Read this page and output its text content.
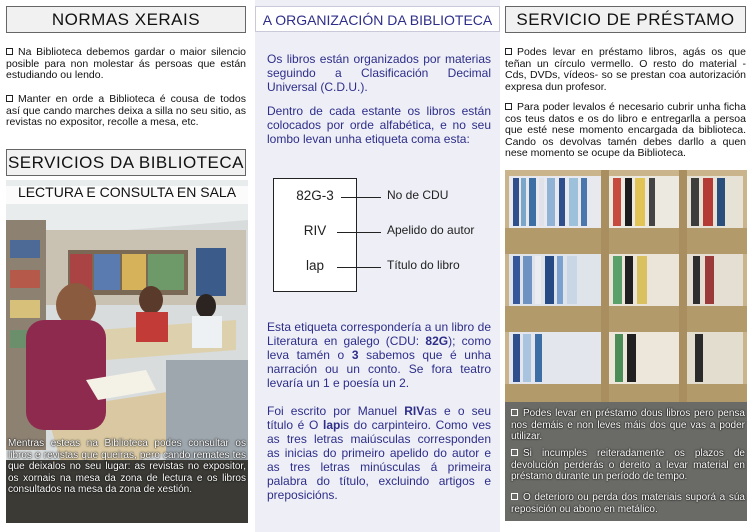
NORMAS XERAIS
Na Biblioteca debemos gardar o maior silencio posible para non molestar ás persoas que están estudiando ou lendo.
Manter en orde a Biblioteca é cousa de todos así que cando marches deixa a silla no seu sitio, as revistas no expositor, recolle a mesa, etc.
SERVICIOS DA BIBLIOTECA
LECTURA E CONSULTA EN SALA
Mentras esteas na Biblioteca podes consultar os libros e revistas que queiras, pero cando remates tes que deixalos no seu lugar: as revistas no expositor, os xornais na mesa da zona de lectura e os libros consultados na mesa da zona de xestión.
A ORGANIZACIÓN DA BIBLIOTECA
Os libros están organizados por materias seguindo a Clasificación Decimal Universal (C.D.U.).
Dentro de cada estante os libros están colocados por orde alfabética, e no seu lombo levan unha etiqueta coma esta:
82G-3
RIV
lap
No de CDU
Apelido do autor
Título do libro
Esta etiqueta correspondería a un libro de Literatura en galego (CDU: 82G); como leva tamén o 3 sabemos que é unha narración ou un conto. Se fora teatro levaría un 1 e poesía un 2.
Foi escrito por Manuel RIVas e o seu título é O lapis do carpinteiro. Como ves as tres letras maiúsculas corresponden as inicias do primeiro apelido do autor e as tres letras minúsculas á primeira palabra do título, excluindo artigos e preposicións.
SERVICIO DE PRÉSTAMO
Podes levar en préstamo libros, agás os que teñan un círculo vermello. O resto do material - Cds, DVDs, vídeos- so se prestan coa autorización expresa dun profesor.
Para poder levalos é necesario cubrir unha ficha cos teus datos e os do libro e entregarlla a persoa que esté nese momento encargada da biblioteca. Cando os devolvas tamén debes darllo a quen nese momento se ocupe da Biblioteca.
Podes levar en préstamo dous libros pero pensa nos demáis e non leves máis dos que vas a poder utilizar.
Si incumples reiteradamente os plazos de devolución perderás o dereito a levar material en préstamo durante un período de tempo.
O deterioro ou perda dos materiais suporá a súa reposición ou abono en metálico.
